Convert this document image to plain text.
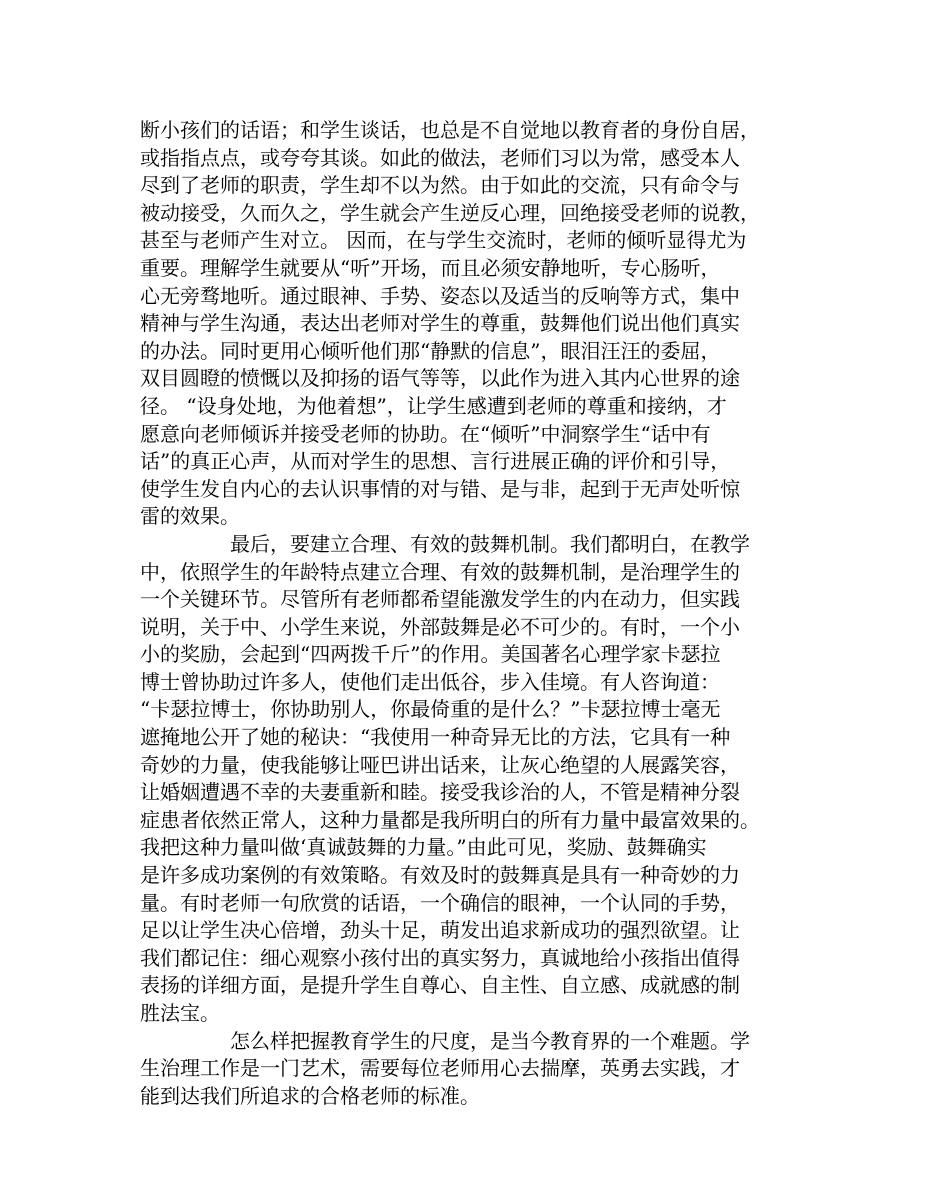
断小孩们的话语；和学生谈话，也总是不自觉地以教育者的身份自居，
或指指点点，或夸夸其谈。如此的做法，老师们习以为常，感受本人
尽到了老师的职责，学生却不以为然。由于如此的交流，只有命令与
被动接受，久而久之，学生就会产生逆反心理，回绝接受老师的说教，
甚至与老师产生对立。 因而，在与学生交流时，老师的倾听显得尤为
重要。理解学生就要从“听”开场，而且必须安静地听，专心肠听，
心无旁骛地听。通过眼神、手势、姿态以及适当的反响等方式，集中
精神与学生沟通，表达出老师对学生的尊重，鼓舞他们说出他们真实
的办法。同时更用心倾听他们那“静默的信息”，眼泪汪汪的委屈，
双目圆瞪的愤慨以及抑扬的语气等等，以此作为进入其内心世界的途
径。 “设身处地，为他着想”，让学生感遭到老师的尊重和接纳，才
愿意向老师倾诉并接受老师的协助。在“倾听”中洞察学生“话中有
话”的真正心声，从而对学生的思想、言行进展正确的评价和引导，
使学生发自内心的去认识事情的对与错、是与非，起到于无声处听惊
雷的效果。
最后，要建立合理、有效的鼓舞机制。我们都明白，在教学
中，依照学生的年龄特点建立合理、有效的鼓舞机制，是治理学生的
一个关键环节。尽管所有老师都希望能激发学生的内在动力，但实践
说明，关于中、小学生来说，外部鼓舞是必不可少的。有时，一个小
小的奖励，会起到“四两拨千斤”的作用。美国著名心理学家卡瑟拉
博士曾协助过许多人，使他们走出低谷，步入佳境。有人咨询道：
“卡瑟拉博士，你协助别人，你最倚重的是什么？”卡瑟拉博士毫无
遮掩地公开了她的秘诀：“我使用一种奇异无比的方法，它具有一种
奇妙的力量，使我能够让哑巴讲出话来，让灰心绝望的人展露笑容，
让婚姻遭遇不幸的夫妻重新和睦。接受我诊治的人，不管是精神分裂
症患者依然正常人，这种力量都是我所明白的所有力量中最富效果的。
我把这种力量叫做‘真诚鼓舞的力量。”由此可见，奖励、鼓舞确实
是许多成功案例的有效策略。有效及时的鼓舞真是具有一种奇妙的力
量。有时老师一句欣赏的话语，一个确信的眼神，一个认同的手势，
足以让学生决心倍增，劲头十足，萌发出追求新成功的强烈欲望。让
我们都记住：细心观察小孩付出的真实努力，真诚地给小孩指出值得
表扬的详细方面，是提升学生自尊心、自主性、自立感、成就感的制
胜法宝。
怎么样把握教育学生的尺度，是当今教育界的一个难题。学
生治理工作是一门艺术，需要每位老师用心去揣摩，英勇去实践，才
能到达我们所追求的合格老师的标准。
